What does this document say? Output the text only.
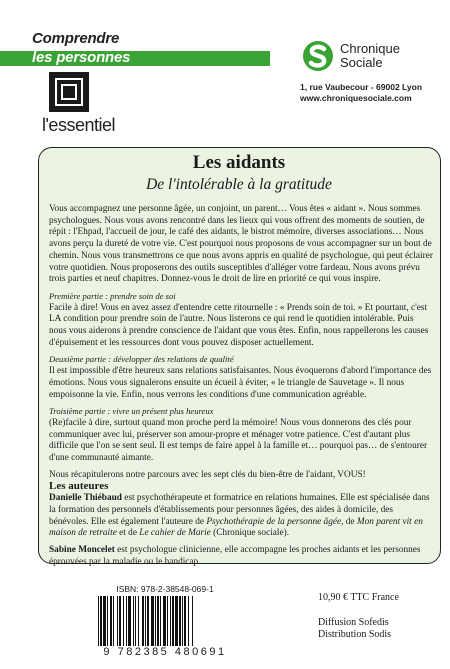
Comprendre
les personnes
l'essentiel
Chronique
Sociale
1, rue Vaubecour - 69002 Lyon
www.chroniquesociale.com
Les aidants
De l'intolérable à la gratitude

Vous accompagnez une personne âgée, un conjoint, un parent… Vous êtes « aidant ». Nous sommes psychologues. Nous vous avons rencontré dans les lieux qui vous offrent des moments de soutien, de répit : l'Ehpad, l'accueil de jour, le café des aidants, le bistrot mémoire, diverses associations… Nous avons perçu la dureté de votre vie. C'est pourquoi nous proposons de vous accompagner sur un bout de chemin. Nous vous transmettrons ce que nous avons appris en qualité de psychologue, qui peut éclairer votre quotidien. Nous proposerons des outils susceptibles d'alléger votre fardeau. Nous avons prévu trois parties et neuf chapitres. Donnez-vous le droit de lire en priorité ce qui vous inspire.

Première partie : prendre soin de soi

Facile à dire! Vous en avez assez d'entendre cette ritournelle : « Prends soin de toi. » Et pourtant, c'est LA condition pour prendre soin de l'autre. Nous listerons ce qui rend le quotidien intolérable. Puis nous vous aiderons à prendre conscience de l'aidant que vous êtes. Enfin, nous rappellerons les causes d'épuisement et les ressources dont vous pouvez disposer actuellement.

Deuxième partie : développer des relations de qualité

Il est impossible d'être heureux sans relations satisfaisantes. Nous évoquerons d'abord l'importance des émotions. Nous vous signalerons ensuite un écueil à éviter, « le triangle de Sauvetage ». Il nous empoisonne la vie. Enfin, nous verrons les conditions d'une communication agréable.

Troisième partie : vivre un présent plus heureux

(Re)facile à dire, surtout quand mon proche perd la mémoire! Nous vous donnerons des clés pour communiquer avec lui, préserver son amour-propre et ménager votre patience. C'est d'autant plus difficile que l'on se sent seul. Il est temps de faire appel à la famille et… pourquoi pas… de s'entourer d'une communauté aimante.

Nous récapitulerons notre parcours avec les sept clés du bien-être de l'aidant, VOUS!

Les auteures

Danielle Thiébaud est psychothérapeute et formatrice en relations humaines. Elle est spécialisée dans la formation des personnels d'établissements pour personnes âgées, des aides à domicile, des bénévoles. Elle est également l'auteure de Psychothérapie de la personne âgée, de Mon parent vit en maison de retraite et de Le cahier de Marie (Chronique sociale).

Sabine Moncelet est psychologue clinicienne, elle accompagne les proches aidants et les personnes éprouvées par la maladie ou le handicap.

ISBN: 978-2-38548-069-1
9 782385 480691
10,90 € TTC France
Diffusion Sofedis
Distribution Sodis
